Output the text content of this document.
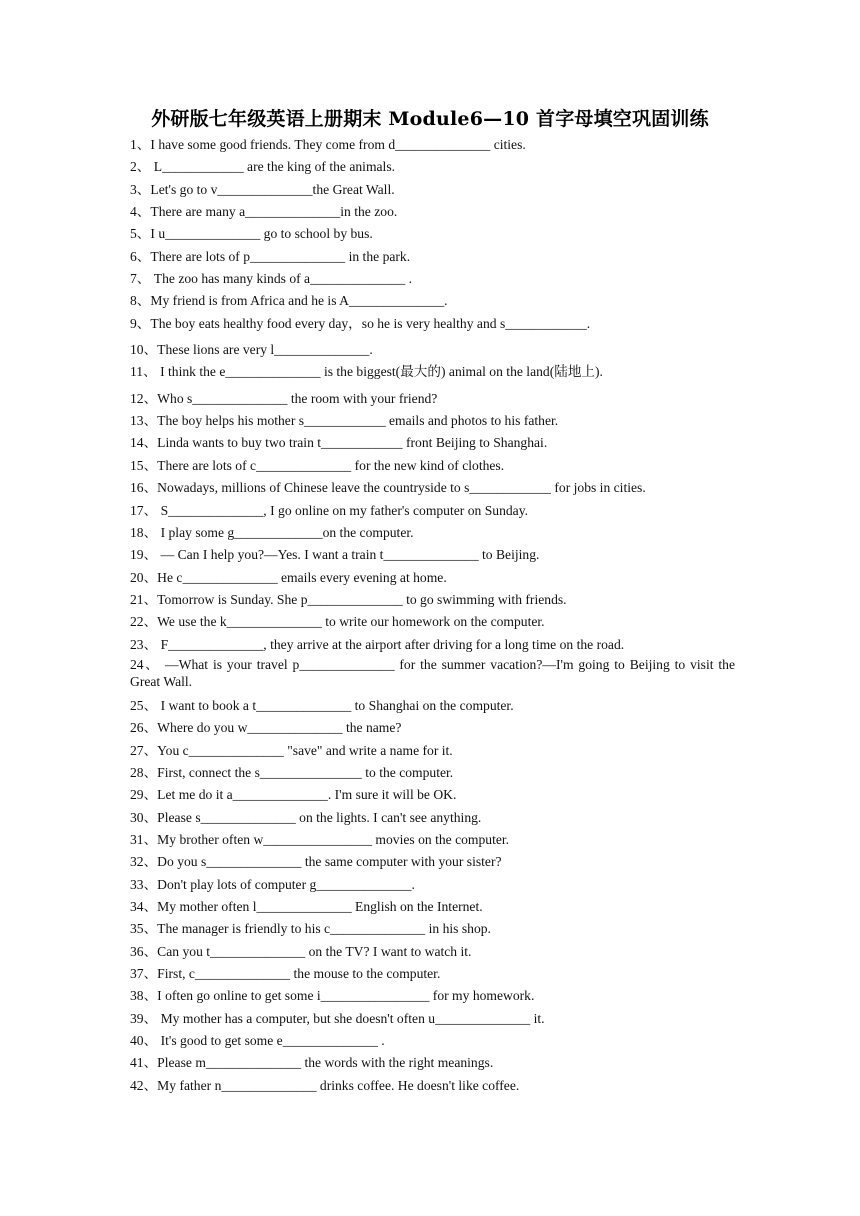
外研版七年级英语上册期末 Module6—10 首字母填空巩固训练
1、I have some good friends. They come from d______________ cities.
2、 L____________ are the king of the animals.
3、Let's go to v______________the Great Wall.
4、There are many a______________in the zoo.
5、I u______________ go to school by bus.
6、There are lots of p______________ in the park.
7、 The zoo has many kinds of a______________ .
8、My friend is from Africa and he is A______________.
9、The boy eats healthy food every day，so he is very healthy and s____________.
10、These lions are very l______________.
11、 I think the e______________ is the biggest(最大的) animal on the land(陆地上).
12、Who s______________ the room with your friend?
13、The boy helps his mother s____________ emails and photos to his father.
14、Linda wants to buy two train t____________ front Beijing to Shanghai.
15、There are lots of c______________ for the new kind of clothes.
16、Nowadays, millions of Chinese leave the countryside to s____________ for jobs in cities.
17、 S______________, I go online on my father's computer on Sunday.
18、 I play some g_____________on the computer.
19、 — Can I help you?—Yes. I want a train t______________ to Beijing.
20、He c______________ emails every evening at home.
21、Tomorrow is Sunday. She p______________ to go swimming with friends.
22、We use the k______________ to write our homework on the computer.
23、 F______________, they arrive at the airport after driving for a long time on the road.
24、 —What is your travel p______________ for the summer vacation?—I'm going to Beijing to visit the Great Wall.
25、 I want to book a t______________ to Shanghai on the computer.
26、Where do you w______________ the name?
27、You c______________ "save" and write a name for it.
28、First, connect the s_______________ to the computer.
29、Let me do it a______________. I'm sure it will be OK.
30、Please s______________ on the lights. I can't see anything.
31、My brother often w________________ movies on the computer.
32、Do you s______________ the same computer with your sister?
33、Don't play lots of computer g______________.
34、My mother often l______________ English on the Internet.
35、The manager is friendly to his c______________ in his shop.
36、Can you t______________ on the TV? I want to watch it.
37、First, c______________ the mouse to the computer.
38、I often go online to get some i________________ for my homework.
39、 My mother has a computer, but she doesn't often u______________ it.
40、 It's good to get some e______________ .
41、Please m______________ the words with the right meanings.
42、My father n______________ drinks coffee. He doesn't like coffee.
